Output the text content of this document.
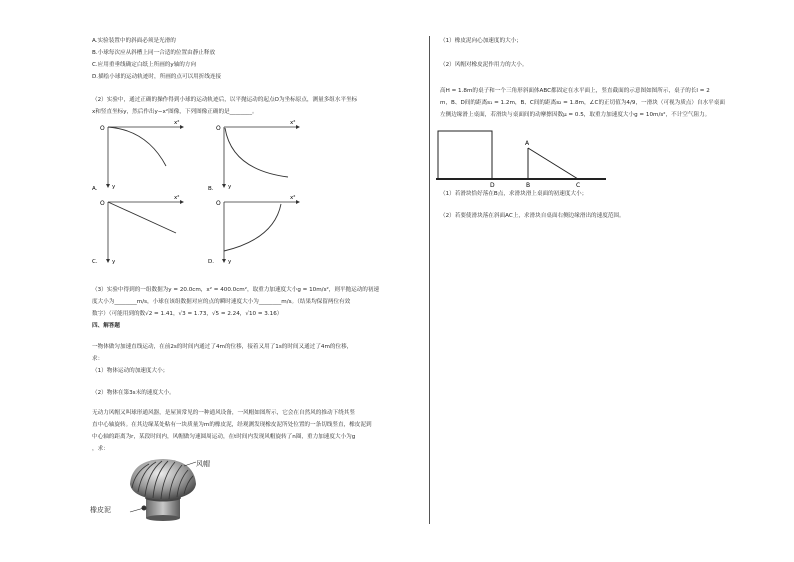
A.实验装置中的斜面必须是光滑的
B.小球每次应从斜槽上同一合适的位置由静止释放
C.应用重垂线确定白纸上所画的y轴的方向
D.描绘小球的运动轨迹时，所画的点可以用折线连接
（2）实验中，通过正确的操作得到小球的运动轨迹后，以平抛运动的起点O为坐标原点，测量多组水平坐标
x和竖直坐标y，然后作出y−x²图像，下列图像正确的是________。
O
x²
y
A.
O
x²
y
B.
O
x²
y
C.
O
x²
y
D.
（3）实验中得到的一组数据为y = 20.0cm，x² = 400.0cm²，取重力加速度大小g = 10m/s²，则平抛运动的初速
度大小为________m/s，小球在该组数据对应的点的瞬时速度大小为________m/s。（结果均保留两位有效
数字）（可能用到的数√2 = 1.41，√3 = 1.73，√5 = 2.24，√10 = 3.16）
四、解答题
一物体做匀加速直线运动，在前2s的时间内通过了4m的位移，接着又用了1s的时间又通过了4m的位移，
求：
（1）物体运动的加速度大小；
（2）物体在第3s末的速度大小。
无动力风帽又叫球形通风器，是屋顶常见的一种通风设备，一风帽如图所示，它会在自然风的推动下绕其竖
直中心轴旋转。在其边缘某处粘有一块质量为m的橡皮泥，经观测发现橡皮泥所处位置的一条切线竖直，橡皮泥到
中心轴的距离为r，某段时间内，风帽做匀速圆周运动，在t时间内发现风帽旋转了n圈，重力加速度大小为g
，求：
风帽
橡皮泥
（1）橡皮泥向心加速度的大小；
（2）风帽对橡皮泥作用力的大小。
高H = 1.8m的桌子和一个三角形斜面体ABC都固定在水平面上，竖直截面的示意图如图所示，桌子的长l = 2
m，B、D间的距离s₁ = 1.2m，B、C间的距离s₂ = 1.8m，∠C的正切值为4/9，一滑块（可视为质点）自水平桌面
左侧边缘滑上桌面，若滑块与桌面间的动摩擦因数μ = 0.5，取重力加速度大小g = 10m/s²，不计空气阻力。
A
D	B	C
（1）若滑块恰好落在B点，求滑块滑上桌面的初速度大小；
（2）若要使滑块落在斜面AC上，求滑块自桌面右侧边缘滑出的速度范围。
